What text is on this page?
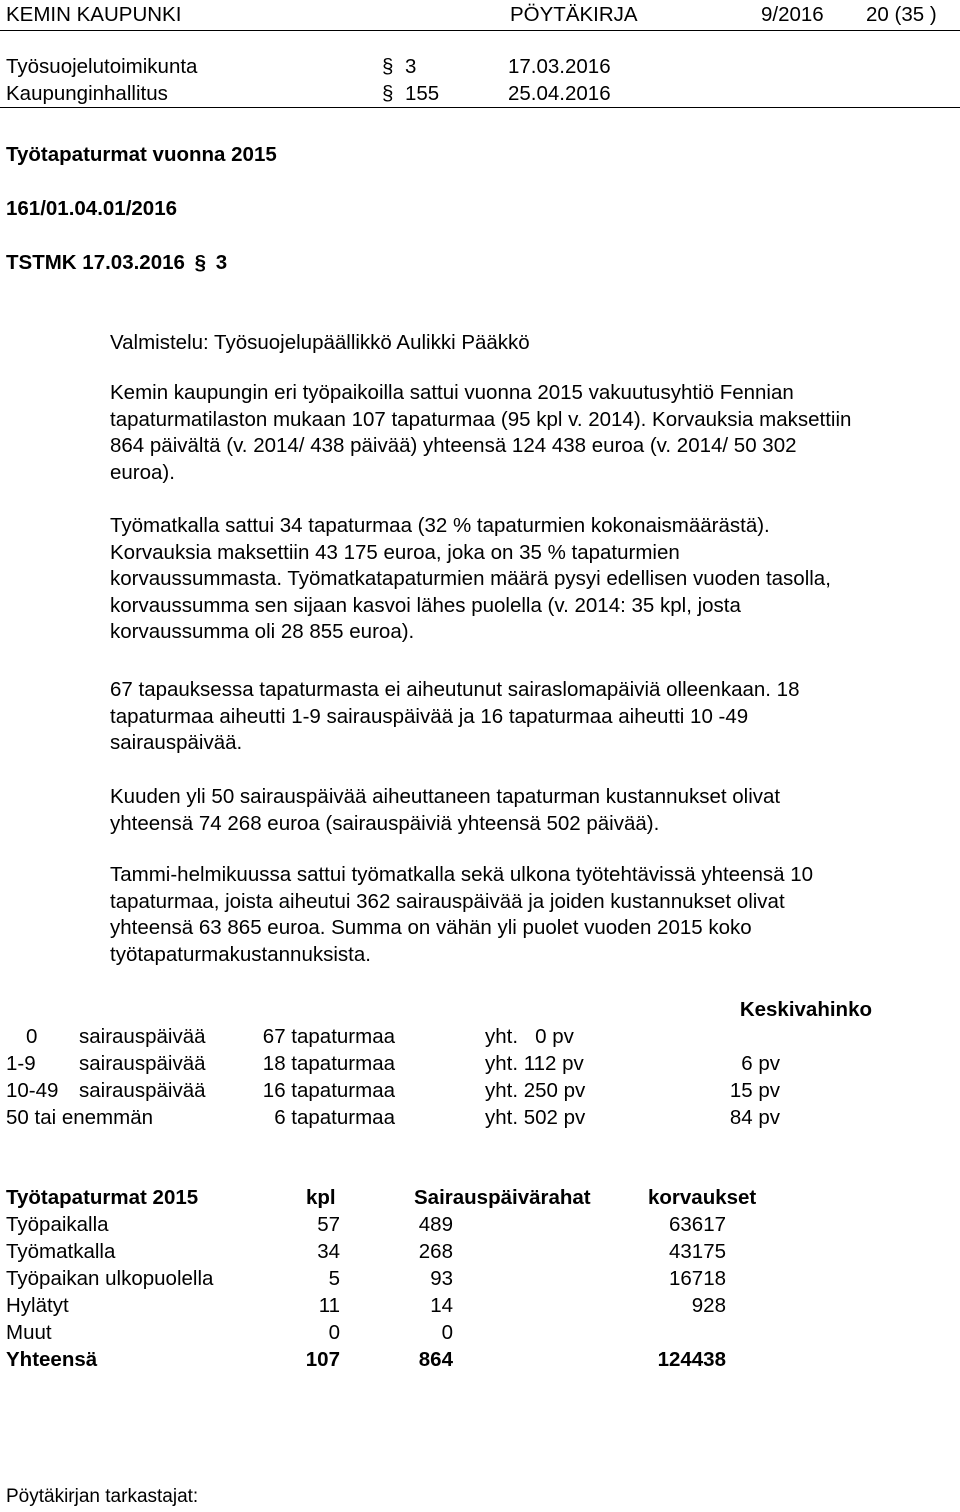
KEMIN KAUPUNKI	PÖYTÄKIRJA	9/2016 20 (35 )
Työsuojelutoimikunta	§ 3	17.03.2016
Kaupunginhallitus	§ 155	25.04.2016
Työtapaturmat vuonna 2015
161/01.04.01/2016
TSTMK 17.03.2016 § 3
Valmistelu: Työsuojelupäällikkö Aulikki Pääkkö
Kemin kaupungin eri työpaikoilla sattui vuonna 2015 vakuutusyhtiö Fennian
tapaturmatilaston mukaan 107 tapaturmaa (95 kpl v. 2014). Korvauksia maksettiin
864 päivältä (v. 2014/ 438 päivää) yhteensä 124 438 euroa (v. 2014/ 50 302
euroa).
Työmatkalla sattui 34 tapaturmaa (32 % tapaturmien kokonaismäärästä).
Korvauksia maksettiin 43 175 euroa, joka on 35 % tapaturmien
korvaussummasta. Työmatkatapaturmien määrä pysyi edellisen vuoden tasolla,
korvaussumma sen sijaan kasvoi lähes puolella (v. 2014: 35 kpl, josta
korvaussumma oli 28 855 euroa).
67 tapauksessa tapaturmasta ei aiheutunut sairaslomapäiviä olleenkaan. 18
tapaturmaa aiheutti 1-9 sairauspäivää ja 16 tapaturmaa aiheutti 10 -49
sairauspäivää.
Kuuden yli 50 sairauspäivää aiheuttaneen tapaturman kustannukset olivat
yhteensä 74 268 euroa (sairauspäiviä yhteensä 502 päivää).
Tammi-helmikuussa sattui työmatkalla sekä ulkona työtehtävissä yhteensä 10
tapaturmaa, joista aiheutui 362 sairauspäivää ja joiden kustannukset olivat
yhteensä 63 865 euroa. Summa on vähän yli puolet vuoden 2015 koko
työtapaturmakustannuksista.
Keskivahinko
0 sairauspäivää	67 tapaturmaa	yht.   0 pv
1-9 sairauspäivää	18 tapaturmaa	yht. 112 pv	6 pv
10-49 sairauspäivää	16 tapaturmaa	yht. 250 pv	15 pv
50 tai enemmän	6 tapaturmaa	yht. 502 pv	84 pv
Työtapaturmat 2015	kpl	Sairauspäivärahat	korvaukset
Työpaikalla	57	489	63617
Työmatkalla	34	268	43175
Työpaikan ulkopuolella	5	93	16718
Hylätyt	11	14	928
Muut	0	0
Yhteensä	107	864	124438
Pöytäkirjan tarkastajat:
